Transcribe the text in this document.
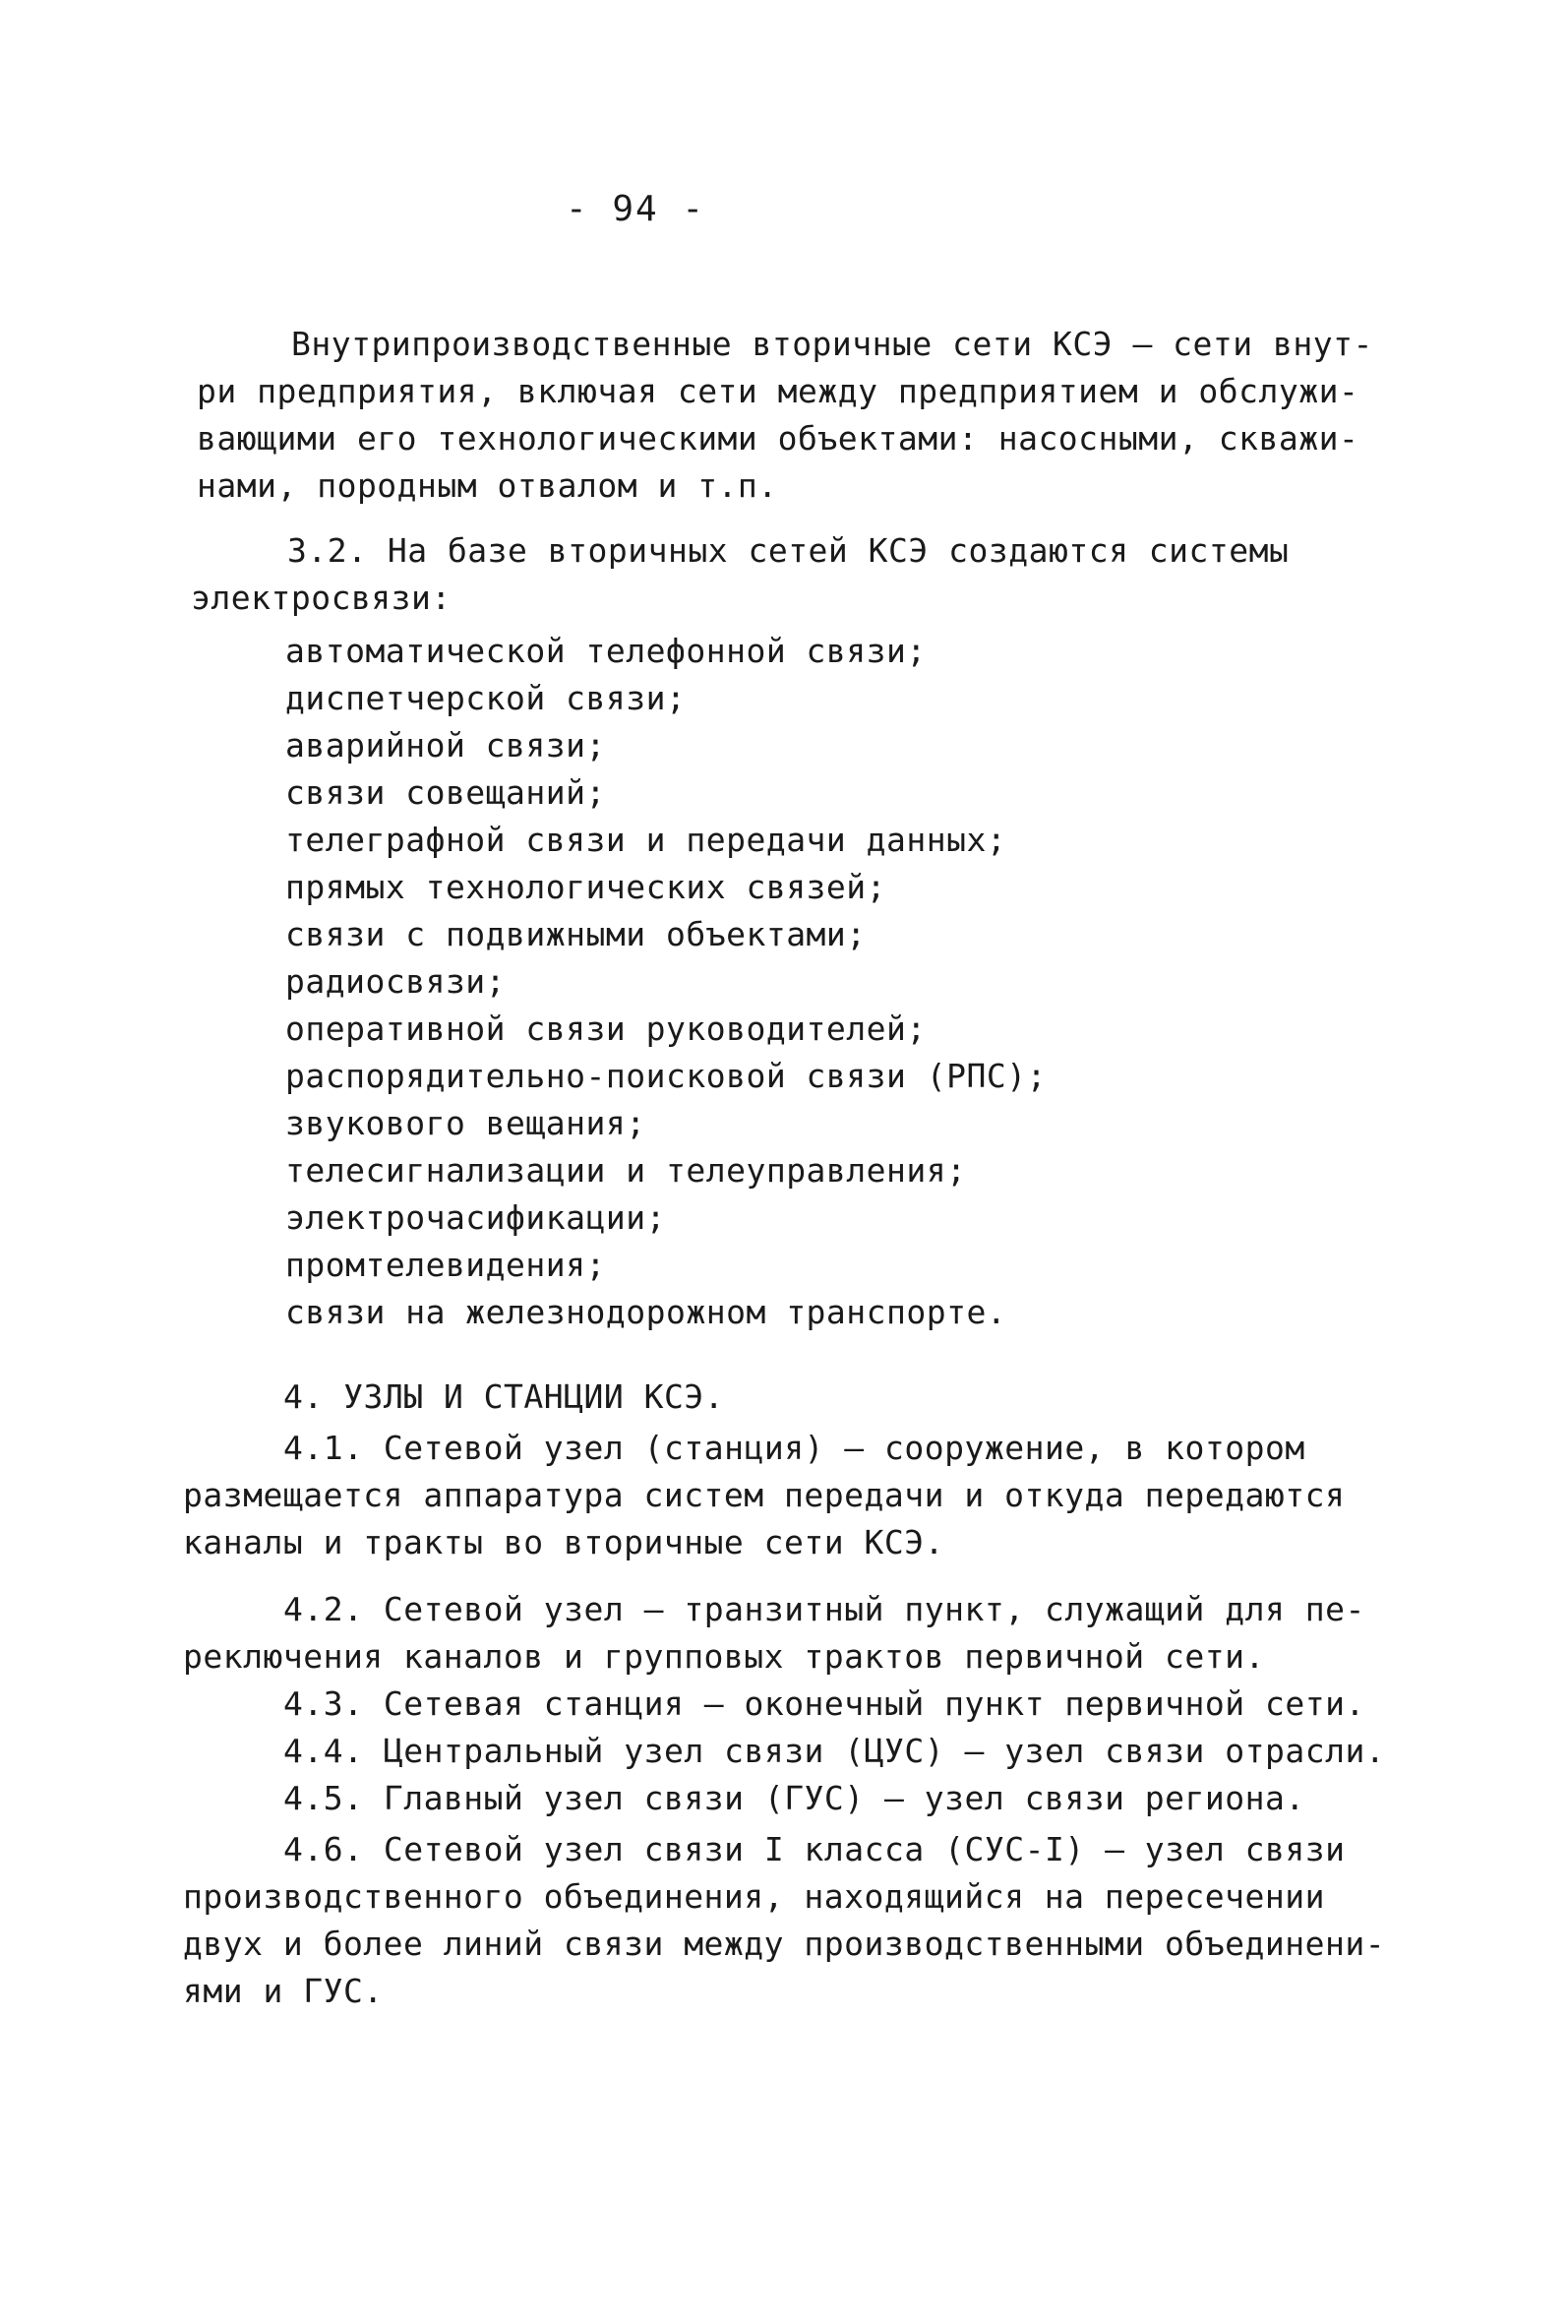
- 94 -
Внутрипроизводственные вторичные сети КСЭ – сети внут-
ри предприятия, включая сети между предприятием и обслужи-
вающими его технологическими объектами: насосными, скважи-
нами, породным отвалом и т.п.
3.2. На базе вторичных сетей КСЭ создаются системы
электросвязи:
автоматической телефонной связи;
диспетчерской связи;
аварийной связи;
связи совещаний;
телеграфной связи и передачи данных;
прямых технологических связей;
связи с подвижными объектами;
радиосвязи;
оперативной связи руководителей;
распорядительно-поисковой связи (РПС);
звукового вещания;
телесигнализации и телеуправления;
электрочасификации;
промтелевидения;
связи на железнодорожном транспорте.
4. УЗЛЫ И СТАНЦИИ КСЭ.
4.1. Сетевой узел (станция) – сооружение, в котором
размещается аппаратура систем передачи и откуда передаются
каналы и тракты во вторичные сети КСЭ.
4.2. Сетевой узел – транзитный пункт, служащий для пе-
реключения каналов и групповых трактов первичной сети.
4.3. Сетевая станция – оконечный пункт первичной сети.
4.4. Центральный узел связи (ЦУС) – узел связи отрасли.
4.5. Главный узел связи (ГУС) – узел связи региона.
4.6. Сетевой узел связи I класса (СУС-I) – узел связи
производственного объединения, находящийся на пересечении
двух и более линий связи между производственными объединени-
ями и ГУС.
